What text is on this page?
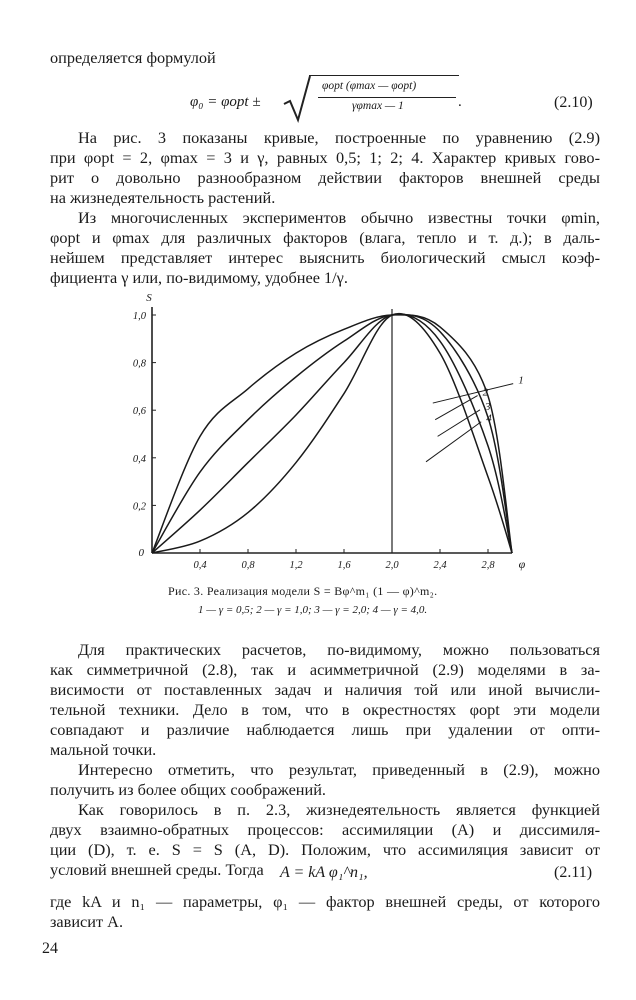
определяется формулой
φ₀ = φopt ±
φopt (φmax — φopt)
γφmax — 1	.	(2.10)
На рис. 3 показаны кривые, построенные по уравнению (2.9)
при φopt = 2, φmax = 3 и γ, равных 0,5; 1; 2; 4. Характер кривых гово-
рит о довольно разнообразном действии факторов внешней среды
на жизнедеятельность растений.
Из многочисленных экспериментов обычно известны точки φmin,
φopt и φmax для различных факторов (влага, тепло и т. д.); в даль-
нейшем представляет интерес выяснить биологический смысл коэф-
фициента γ или, по-видимому, удобнее 1/γ.
0
0,2
0,4
0,6
0,8
1,0
0,4	0,8	1,2	1,6	2,0	2,4	2,8
S
φ
1
2
3
4
Рис. 3. Реализация модели S = Bφ^m₁ (1 — φ)^m₂.
1 — γ = 0,5; 2 — γ = 1,0; 3 — γ = 2,0; 4 — γ = 4,0.
Для практических расчетов, по-видимому, можно пользоваться
как симметричной (2.8), так и асимметричной (2.9) моделями в за-
висимости от поставленных задач и наличия той или иной вычисли-
тельной техники. Дело в том, что в окрестностях φopt эти модели
совпадают и различие наблюдается лишь при удалении от опти-
мальной точки.
Интересно отметить, что результат, приведенный в (2.9), можно
получить из более общих соображений.
Как говорилось в п. 2.3, жизнедеятельность является функцией
двух взаимно-обратных процессов: ассимиляции (A) и диссимиля-
ции (D), т. е. S = S (A, D). Положим, что ассимиляция зависит от
условий внешней среды. Тогда A = kA φ₁^n₁,	(2.11)
где kA и n₁ — параметры, φ₁ — фактор внешней среды, от которого
зависит A.
24
